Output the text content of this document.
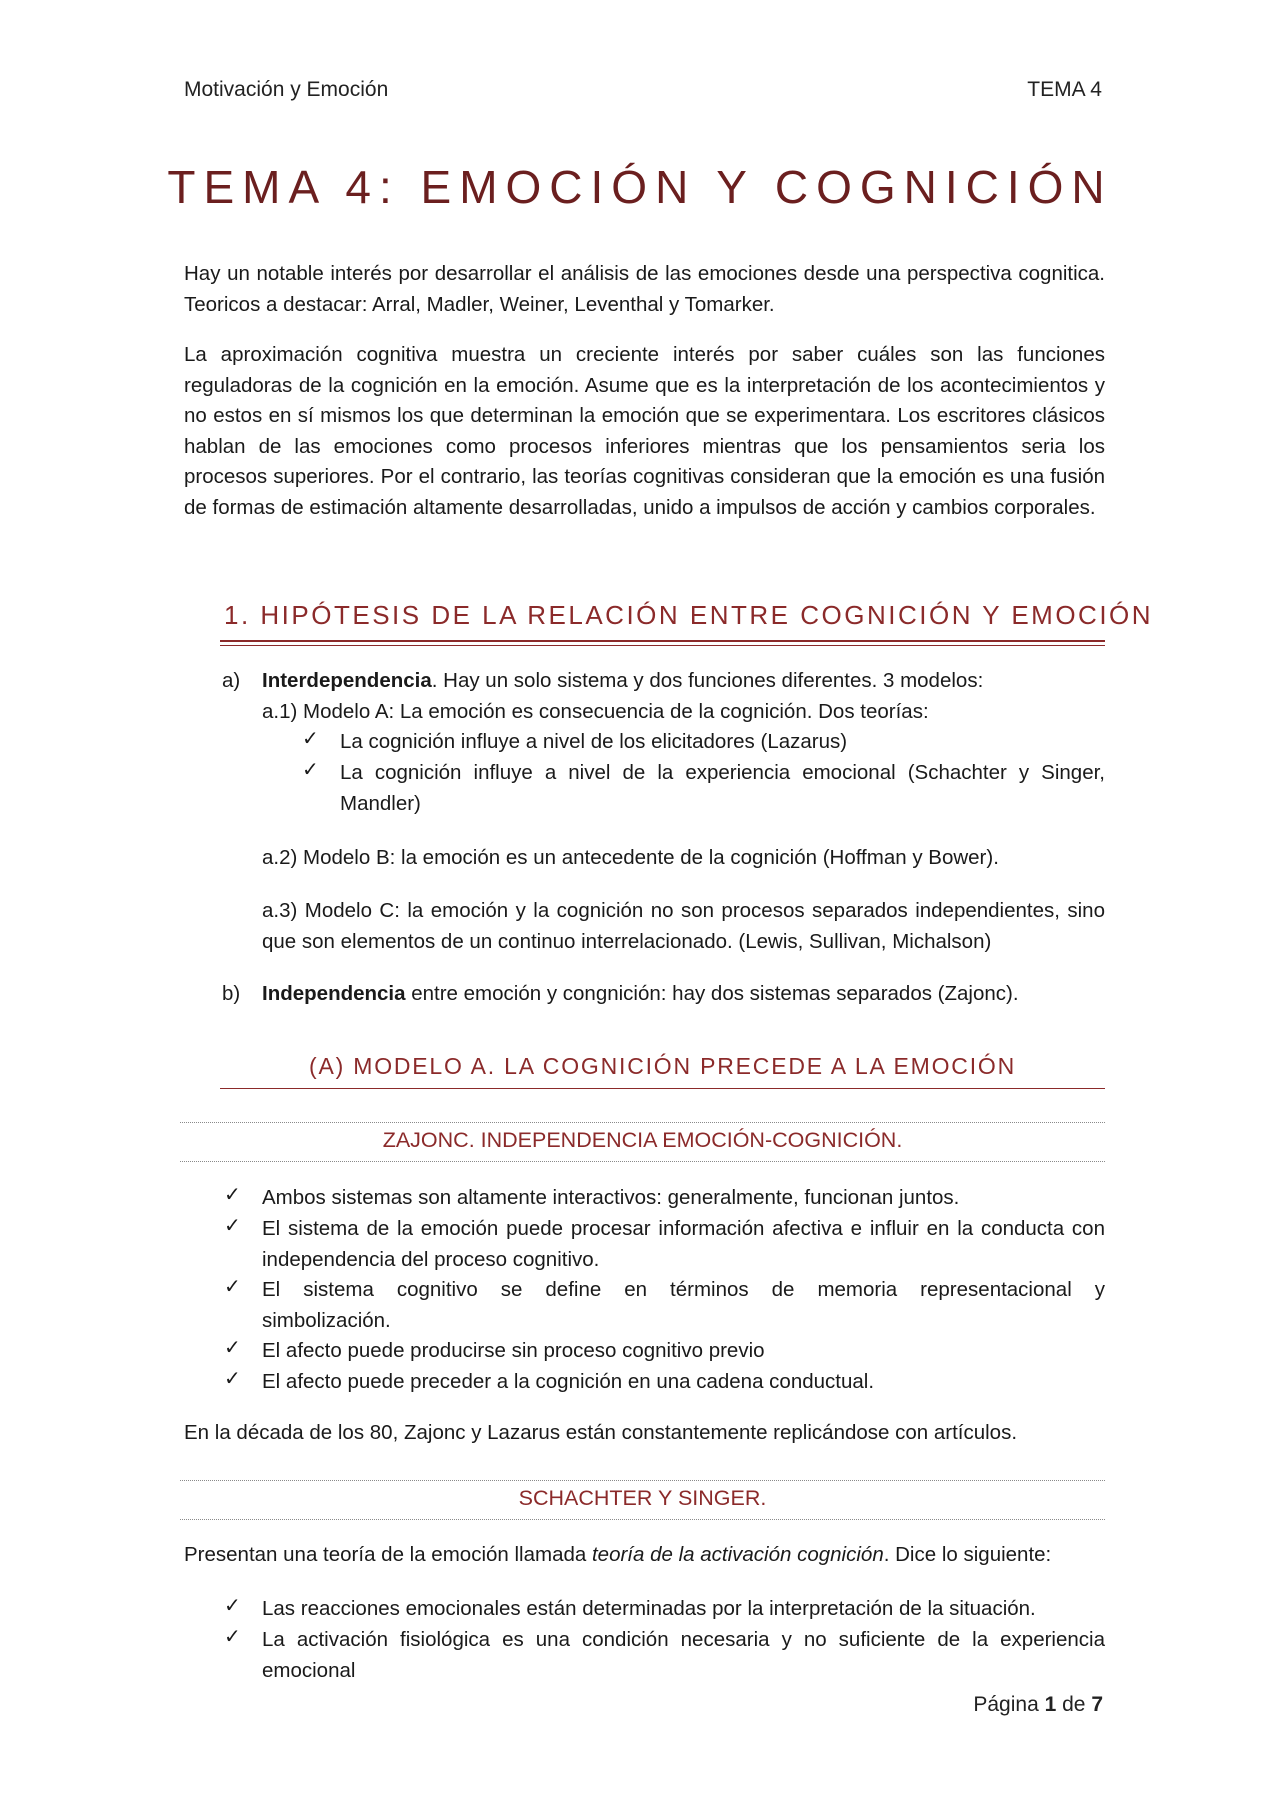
Motivación y Emoción	TEMA 4
TEMA 4: EMOCIÓN Y COGNICIÓN

Hay un notable interés por desarrollar el análisis de las emociones desde una perspectiva cognitica. Teoricos a destacar: Arral, Madler, Weiner, Leventhal y Tomarker.

La aproximación cognitiva muestra un creciente interés por saber cuáles son las funciones reguladoras de la cognición en la emoción. Asume que es la interpretación de los acontecimientos y no estos en sí mismos los que determinan la emoción que se experimentara. Los escritores clásicos hablan de las emociones como procesos inferiores mientras que los pensamientos seria los procesos superiores. Por el contrario, las teorías cognitivas consideran que la emoción es una fusión de formas de estimación altamente desarrolladas, unido a impulsos de acción y cambios corporales.

1. HIPÓTESIS DE LA RELACIÓN ENTRE COGNICIÓN Y EMOCIÓN
a) Interdependencia. Hay un solo sistema y dos funciones diferentes. 3 modelos:

a.1) Modelo A: La emoción es consecuencia de la cognición. Dos teorías:

✓ La cognición influye a nivel de los elicitadores (Lazarus)

✓ La cognición influye a nivel de la experiencia emocional (Schachter y Singer, Mandler)

a.2) Modelo B: la emoción es un antecedente de la cognición (Hoffman y Bower).

a.3) Modelo C: la emoción y la cognición no son procesos separados independientes, sino que son elementos de un continuo interrelacionado. (Lewis, Sullivan, Michalson)

b) Independencia entre emoción y congnición: hay dos sistemas separados (Zajonc).

(A) MODELO A. LA COGNICIÓN PRECEDE A LA EMOCIÓN
ZAJONC. INDEPENDENCIA EMOCIÓN-COGNICIÓN.
✓ Ambos sistemas son altamente interactivos: generalmente, funcionan juntos.

✓ El sistema de la emoción puede procesar información afectiva e influir en la conducta con independencia del proceso cognitivo.

✓ El sistema cognitivo se define en términos de memoria representacional y simbolización.

✓ El afecto puede producirse sin proceso cognitivo previo

✓ El afecto puede preceder a la cognición en una cadena conductual.

En la década de los 80, Zajonc y Lazarus están constantemente replicándose con artículos.

SCHACHTER Y SINGER.

Presentan una teoría de la emoción llamada teoría de la activación cognición. Dice lo siguiente:

✓ Las reacciones emocionales están determinadas por la interpretación de la situación.

✓ La activación fisiológica es una condición necesaria y no suficiente de la experiencia emocional

Página 1 de 7
